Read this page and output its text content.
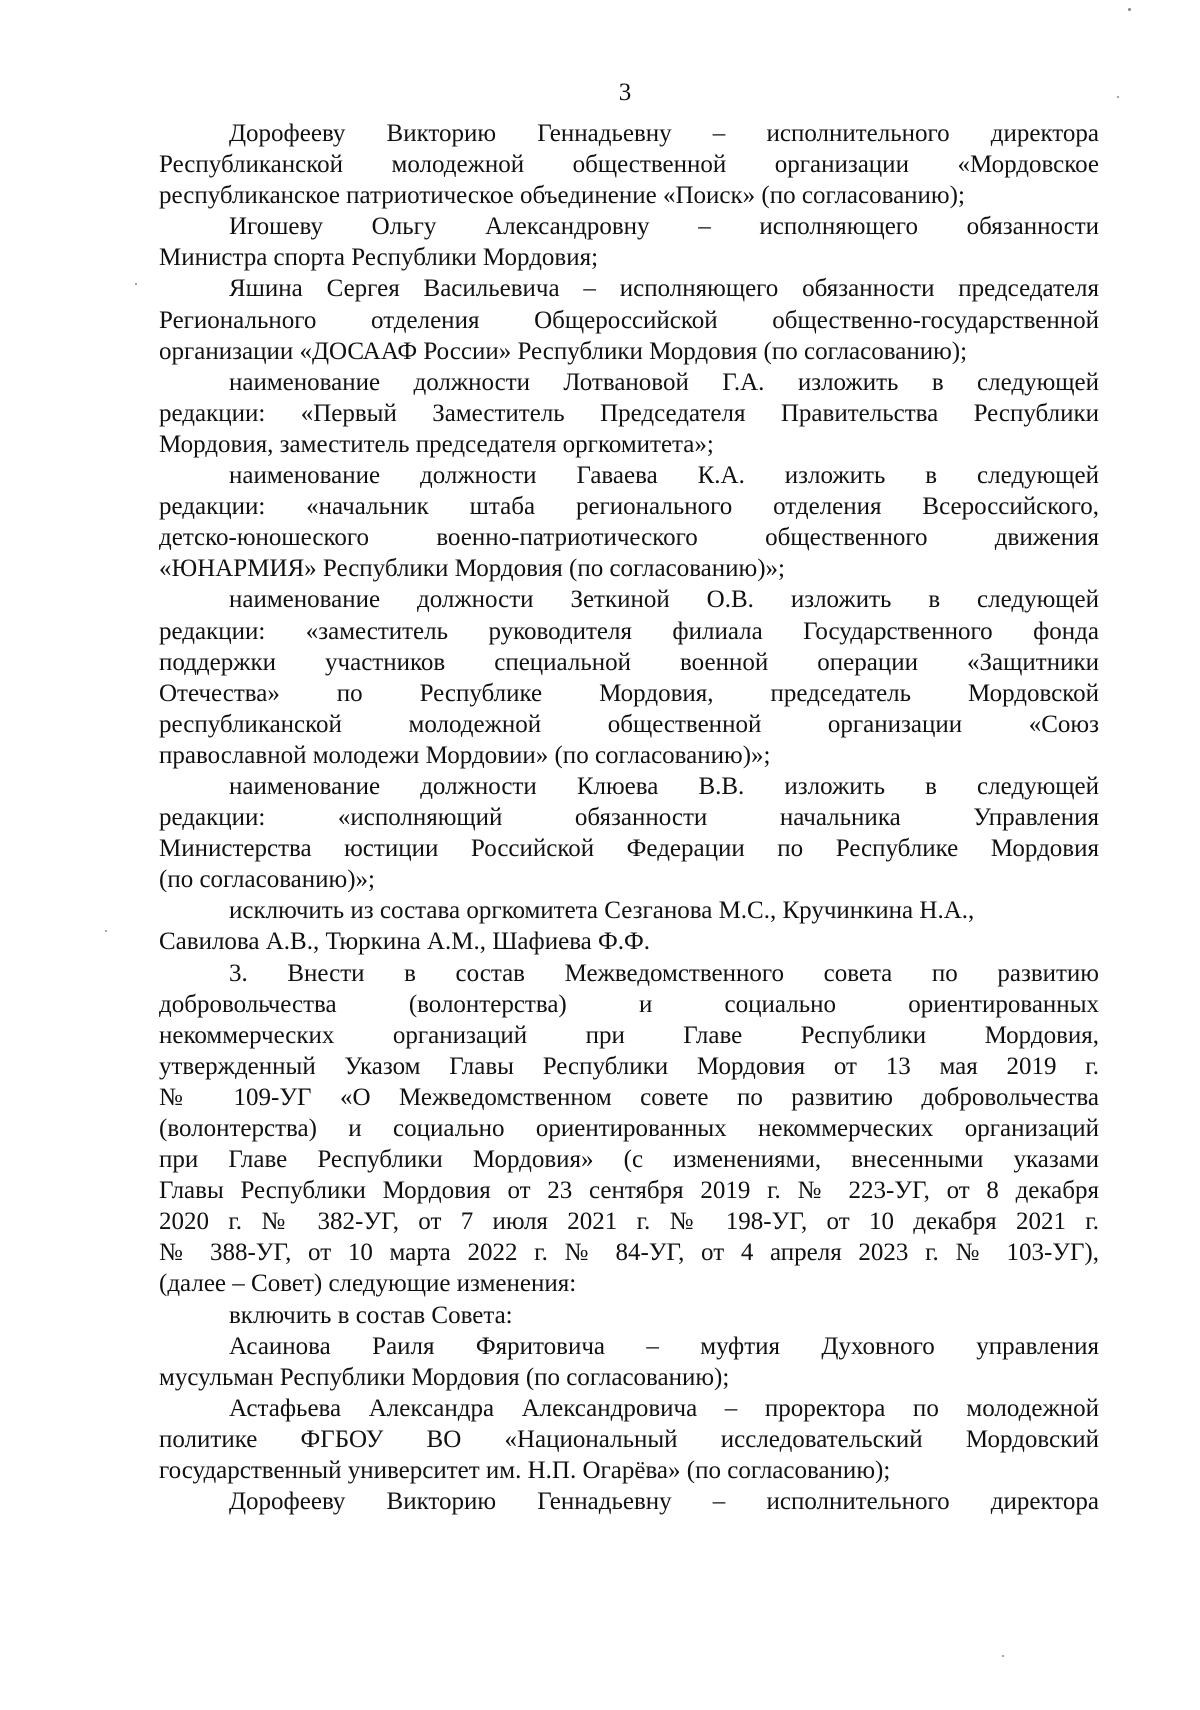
3
Дорофееву Викторию Геннадьевну – исполнительного директора
Республиканской молодежной общественной организации «Мордовское
республиканское патриотическое объединение «Поиск» (по согласованию);
Игошеву Ольгу Александровну – исполняющего обязанности
Министра спорта Республики Мордовия;
Яшина Сергея Васильевича – исполняющего обязанности председателя
Регионального отделения Общероссийской общественно-государственной
организации «ДОСААФ России» Республики Мордовия (по согласованию);
наименование должности Лотвановой Г.А. изложить в следующей
редакции: «Первый Заместитель Председателя Правительства Республики
Мордовия, заместитель председателя оргкомитета»;
наименование должности Гаваева К.А. изложить в следующей
редакции: «начальник штаба регионального отделения Всероссийского,
детско-юношеского военно-патриотического общественного движения
«ЮНАРМИЯ» Республики Мордовия (по согласованию)»;
наименование должности Зеткиной О.В. изложить в следующей
редакции: «заместитель руководителя филиала Государственного фонда
поддержки участников специальной военной операции «Защитники
Отечества» по Республике Мордовия, председатель Мордовской
республиканской молодежной общественной организации «Союз
православной молодежи Мордовии» (по согласованию)»;
наименование должности Клюева В.В. изложить в следующей
редакции: «исполняющий обязанности начальника Управления
Министерства юстиции Российской Федерации по Республике Мордовия
(по согласованию)»;
исключить из состава оргкомитета Сезганова М.С., Кручинкина Н.А.,
Савилова А.В., Тюркина А.М., Шафиева Ф.Ф.
3. Внести в состав Межведомственного совета по развитию
добровольчества (волонтерства) и социально ориентированных
некоммерческих организаций при Главе Республики Мордовия,
утвержденный Указом Главы Республики Мордовия от 13 мая 2019 г.
№ 109-УГ «О Межведомственном совете по развитию добровольчества
(волонтерства) и социально ориентированных некоммерческих организаций
при Главе Республики Мордовия» (с изменениями, внесенными указами
Главы Республики Мордовия от 23 сентября 2019 г. № 223-УГ, от 8 декабря
2020 г. № 382-УГ, от 7 июля 2021 г. № 198-УГ, от 10 декабря 2021 г.
№ 388-УГ, от 10 марта 2022 г. № 84-УГ, от 4 апреля 2023 г. № 103-УГ),
(далее – Совет) следующие изменения:
включить в состав Совета:
Асаинова Раиля Фяритовича – муфтия Духовного управления
мусульман Республики Мордовия (по согласованию);
Астафьева Александра Александровича – проректора по молодежной
политике ФГБОУ ВО «Национальный исследовательский Мордовский
государственный университет им. Н.П. Огарёва» (по согласованию);
Дорофееву Викторию Геннадьевну – исполнительного директора
